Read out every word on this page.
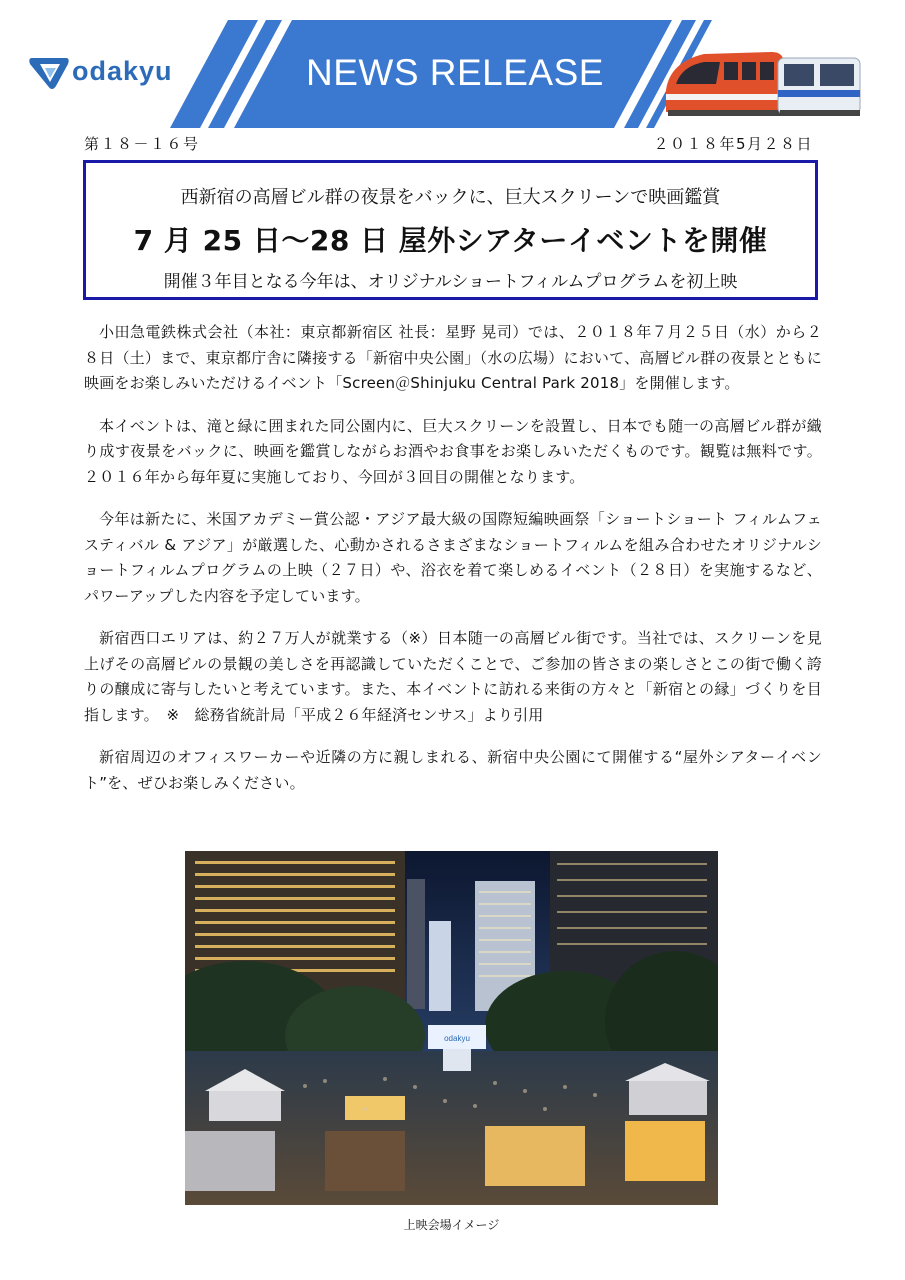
odakyu	NEWS RELEASE
第１８－１６号	２０１８年5月２８日
西新宿の高層ビル群の夜景をバックに、巨大スクリーンで映画鑑賞
7 月 25 日～28 日 屋外シアターイベントを開催
開催３年目となる今年は、オリジナルショートフィルムプログラムを初上映

小田急電鉄株式会社（本社：東京都新宿区 社長：星野 晃司）では、２０１８年７月２５日（水）から２８日（土）まで、東京都庁舎に隣接する「新宿中央公園」（水の広場）において、高層ビル群の夜景とともに映画をお楽しみいただけるイベント「Screen＠Shinjuku Central Park 2018」を開催します。

本イベントは、滝と緑に囲まれた同公園内に、巨大スクリーンを設置し、日本でも随一の高層ビル群が織り成す夜景をバックに、映画を鑑賞しながらお酒やお食事をお楽しみいただくものです。観覧は無料です。２０１６年から毎年夏に実施しており、今回が３回目の開催となります。

今年は新たに、米国アカデミー賞公認・アジア最大級の国際短編映画祭「ショートショート フィルムフェスティバル & アジア」が厳選した、心動かされるさまざまなショートフィルムを組み合わせたオリジナルショートフィルムプログラムの上映（２７日）や、浴衣を着て楽しめるイベント（２８日）を実施するなど、パワーアップした内容を予定しています。

新宿西口エリアは、約２７万人が就業する（※）日本随一の高層ビル街です。当社では、スクリーンを見上げその高層ビルの景観の美しさを再認識していただくことで、ご参加の皆さまの楽しさとこの街で働く誇りの醸成に寄与したいと考えています。また、本イベントに訪れる来街の方々と「新宿との縁」づくりを目指します。　※　総務省統計局「平成２６年経済センサス」より引用

新宿周辺のオフィスワーカーや近隣の方に親しまれる、新宿中央公園にて開催する“屋外シアターイベント”を、ぜひお楽しみください。

odakyu
上映会場イメージ
